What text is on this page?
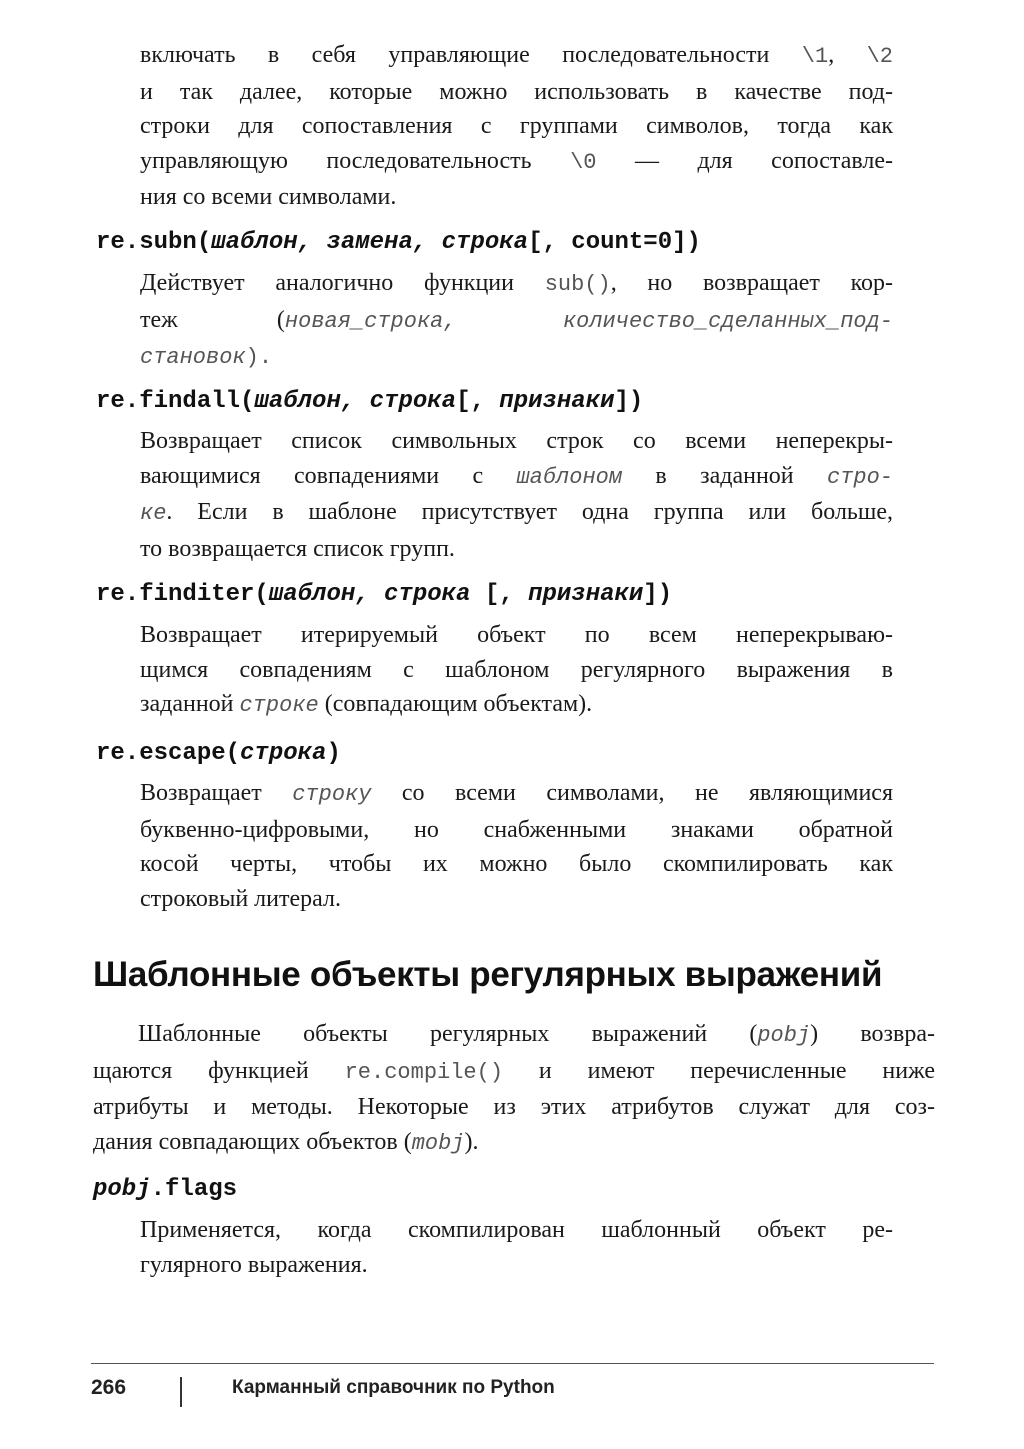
включать в себя управляющие последовательности \1, \2
и так далее, которые можно использовать в качестве под-
строки для сопоставления с группами символов, тогда как
управляющую последовательность \0 — для сопоставле-
ния со всеми символами.
re.subn(шаблон, замена, строка[, count=0])
Действует аналогично функции sub(), но возвращает кор-
теж (новая_строка, количество_сделанных_под-
становок).
re.findall(шаблон, строка[, признаки])
Возвращает список символьных строк со всеми неперекры-
вающимися совпадениями с шаблоном в заданной стро-
ке. Если в шаблоне присутствует одна группа или больше,
то возвращается список групп.
re.finditer(шаблон, строка [, признаки])
Возвращает итерируемый объект по всем неперекрываю-
щимся совпадениям с шаблоном регулярного выражения в
заданной строке (совпадающим объектам).
re.escape(строка)
Возвращает строку со всеми символами, не являющимися
буквенно-цифровыми, но снабженными знаками обратной
косой черты, чтобы их можно было скомпилировать как
строковый литерал.
Шаблонные объекты регулярных выражений
Шаблонные объекты регулярных выражений (pobj) возвра-
щаются функцией re.compile() и имеют перечисленные ниже
атрибуты и методы. Некоторые из этих атрибутов служат для соз-
дания совпадающих объектов (mobj).
pobj.flags
Применяется, когда скомпилирован шаблонный объект ре-
гулярного выражения.
266	Карманный справочник по Python
